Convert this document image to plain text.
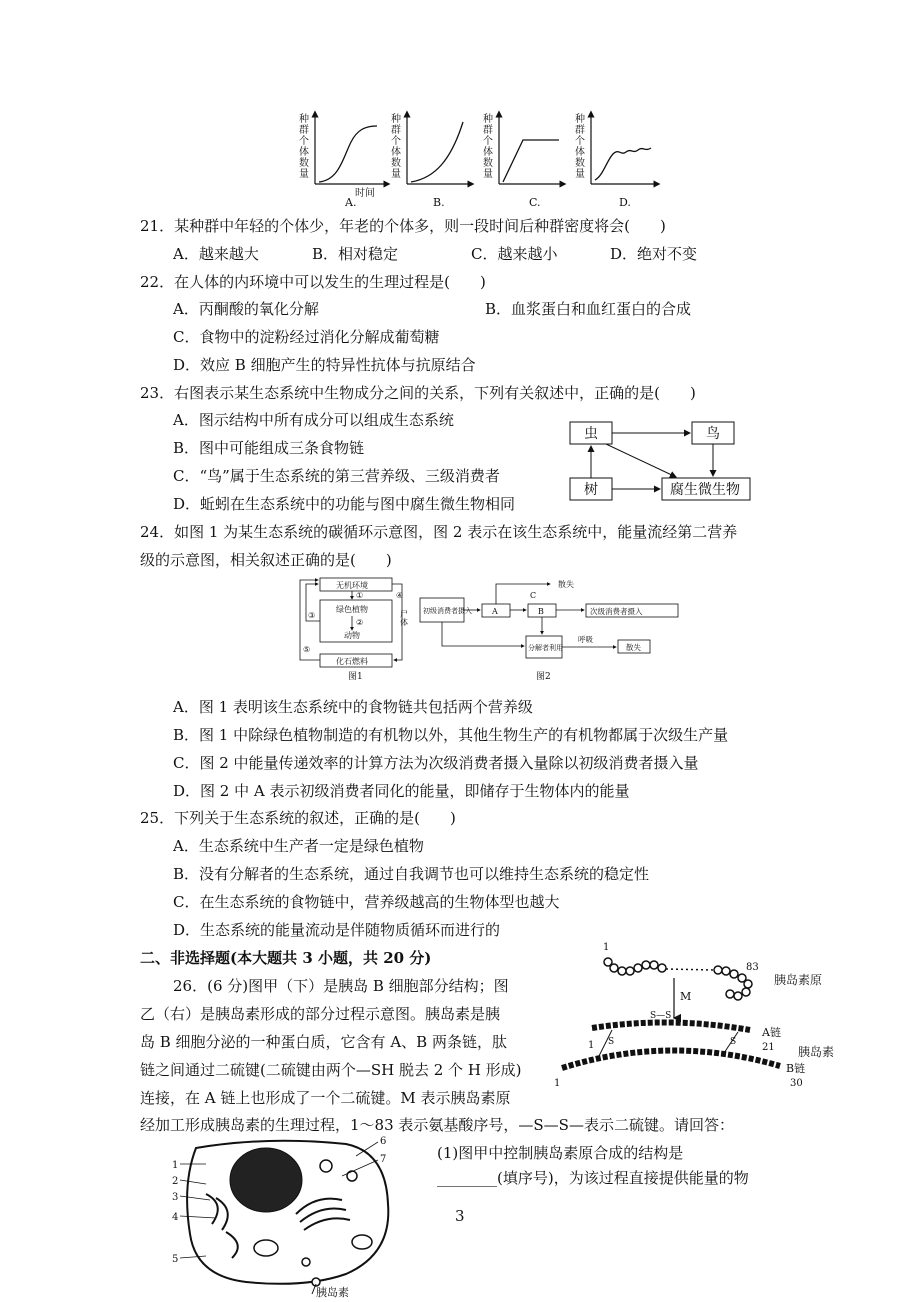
A.
时间
B.	C.	D.
种
群
个
体
数
量
种
群
个
体
数
量
种
群
个
体
数
量
种
群
个
体
数
量
21．某种群中年轻的个体少，年老的个体多，则一段时间后种群密度将会(　　)
A．越来越大	B．相对稳定	C．越来越小	D．绝对不变
22．在人体的内环境中可以发生的生理过程是(　　)
A．丙酮酸的氧化分解	B．血浆蛋白和血红蛋白的合成
C．食物中的淀粉经过消化分解成葡萄糖
D．效应 B 细胞产生的特异性抗体与抗原结合
23．右图表示某生态系统中生物成分之间的关系，下列有关叙述中，正确的是(　　)
A．图示结构中所有成分可以组成生态系统
B．图中可能组成三条食物链
C．“鸟”属于生态系统的第三营养级、三级消费者
D．蚯蚓在生态系统中的功能与图中腐生微生物相同
虫	鸟
树	腐生微生物
24．如图 1 为某生态系统的碳循环示意图，图 2 表示在该生态系统中，能量流经第二营养
级的示意图，相关叙述正确的是(　　)
无机环境
绿色植物
②
动物
化石燃料
①
③
⑤
④
尸体
图1
初级消费者摄入	A
散失
C
B	次级消费者摄入
分解者利用
呼吸
散失
图2
A．图 1 表明该生态系统中的食物链共包括两个营养级
B．图 1 中除绿色植物制造的有机物以外，其他生物生产的有机物都属于次级生产量
C．图 2 中能量传递效率的计算方法为次级消费者摄入量除以初级消费者摄入量
D．图 2 中 A 表示初级消费者同化的能量，即储存于生物体内的能量
25．下列关于生态系统的叙述，正确的是(　　)
A．生态系统中生产者一定是绿色植物
B．没有分解者的生态系统，通过自我调节也可以维持生态系统的稳定性
C．在生态系统的食物链中，营养级越高的生物体型也越大
D．生态系统的能量流动是伴随物质循环而进行的
二、非选择题(本大题共 3 小题，共 20 分)
26．(6 分)图甲（下）是胰岛 B 细胞部分结构；图
乙（右）是胰岛素形成的部分过程示意图。胰岛素是胰
岛 B 细胞分泌的一种蛋白质，它含有 A、B 两条链，肽
链之间通过二硫键(二硫键由两个—SH 脱去 2 个 H 形成)
连接，在 A 链上也形成了一个二硫键。M 表示胰岛素原
经加工形成胰岛素的生理过程，1～83 表示氨基酸序号，—S—S—表示二硫键。请回答：
(1)图甲中控制胰岛素原合成的结构是
________(填序号)，为该过程直接提供能量的物
1
83
胰岛素原
M
A链
1	21
S—S
胰岛素
S	S
B链
1	30
1
2
3
4
5
6
7
胰岛素
3
